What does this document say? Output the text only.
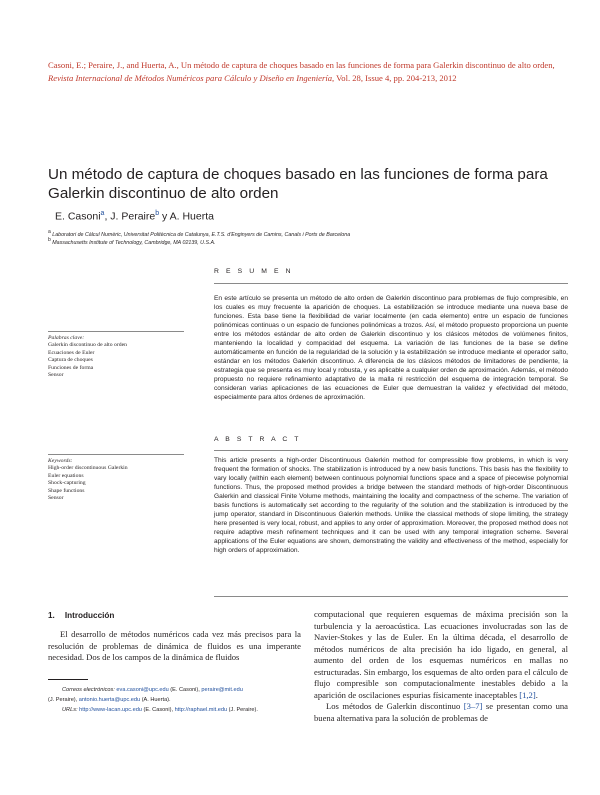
Casoni, E.; Peraire, J., and Huerta, A., Un método de captura de choques basado en las funciones de forma para Galerkin discontinuo de alto orden, Revista Internacional de Métodos Numéricos para Cálculo y Diseño en Ingeniería, Vol. 28, Issue 4, pp. 204-213, 2012
Un método de captura de choques basado en las funciones de forma para Galerkin discontinuo de alto orden
E. Casoni$^a$, J. Peraire$^b$ y A. Huerta
$^a$ Laboratori de Càlcul Numèric, Universitat Politècnica de Catalunya, E.T.S. d'Enginyers de Camins, Canals i Ports de Barcelona
$^b$ Massachusetts Institute of Technology, Cambridge, MA 02139, U.S.A.
R E S U M E N
Palabras clave:
Galerkin discontinuo de alto orden
Ecuaciones de Euler
Captura de choques
Funciones de forma
Sensor
En este artículo se presenta un método de alto orden de Galerkin discontinuo para problemas de flujo compresible, en los cuales es muy frecuente la aparición de choques. La estabilización se introduce mediante una nueva base de funciones. Esta base tiene la flexibilidad de variar localmente (en cada elemento) entre un espacio de funciones polinómicas continuas o un espacio de funciones polinómicas a trozos. Así, el método propuesto proporciona un puente entre los métodos estándar de alto orden de Galerkin discontinuo y los clásicos métodos de volúmenes finitos, manteniendo la localidad y compacidad del esquema. La variación de las funciones de la base se define automáticamente en función de la regularidad de la solución y la estabilización se introduce mediante el operador salto, estándar en los métodos Galerkin discontinuo. A diferencia de los clásicos métodos de limitadores de pendiente, la estrategia que se presenta es muy local y robusta, y es aplicable a cualquier orden de aproximación. Además, el método propuesto no requiere refinamiento adaptativo de la malla ni restricción del esquema de integración temporal. Se consideran varias aplicaciones de las ecuaciones de Euler que demuestran la validez y efectividad del método, especialmente para altos órdenes de aproximación.
A B S T R A C T
Keywords:
High-order discontinuous Galerkin
Euler equations
Shock-capturing
Shape functions
Sensor
This article presents a high-order Discontinuous Galerkin method for compressible flow problems, in which is very frequent the formation of shocks. The stabilization is introduced by a new basis functions. This basis has the flexibility to vary locally (within each element) between continuous polynomial functions space and a space of piecewise polynomial functions. Thus, the proposed method provides a bridge between the standard methods of high-order Discontinuous Galerkin and classical Finite Volume methods, maintaining the locality and compactness of the scheme. The variation of basis functions is automatically set according to the regularity of the solution and the stabilization is introduced by the jump operator, standard in Discontinuous Galerkin methods. Unlike the classical methods of slope limiting, the strategy here presented is very local, robust, and applies to any order of approximation. Moreover, the proposed method does not require adaptive mesh refinement techniques and it can be used with any temporal integration scheme. Several applications of the Euler equations are shown, demonstrating the validity and effectiveness of the method, especially for high orders of approximation.
1. Introducción
El desarrollo de métodos numéricos cada vez más precisos para la resolución de problemas de dinámica de fluidos es una imperante necesidad. Dos de los campos de la dinámica de fluidos
computacional que requieren esquemas de máxima precisión son la turbulencia y la aeroacústica. Las ecuaciones involucradas son las de Navier-Stokes y las de Euler. En la última década, el desarrollo de métodos numéricos de alta precisión ha ido ligado, en general, al aumento del orden de los esquemas numéricos en mallas no estructuradas. Sin embargo, los esquemas de alto orden para el cálculo de flujo compresible son computacionalmente inestables debido a la aparición de oscilaciones espurias físicamente inaceptables [1,2].
Los métodos de Galerkin discontinuo [3–7] se presentan como una buena alternativa para la solución de problemas de
Correos electrónicos: eva.casoni@upc.edu (E. Casoni), peraire@mit.edu
(J. Peraire), antonio.huerta@upc.edu (A. Huerta).
URLs: http://www-lacan.upc.edu (E. Casoni), http://raphael.mit.edu (J. Peraire).
